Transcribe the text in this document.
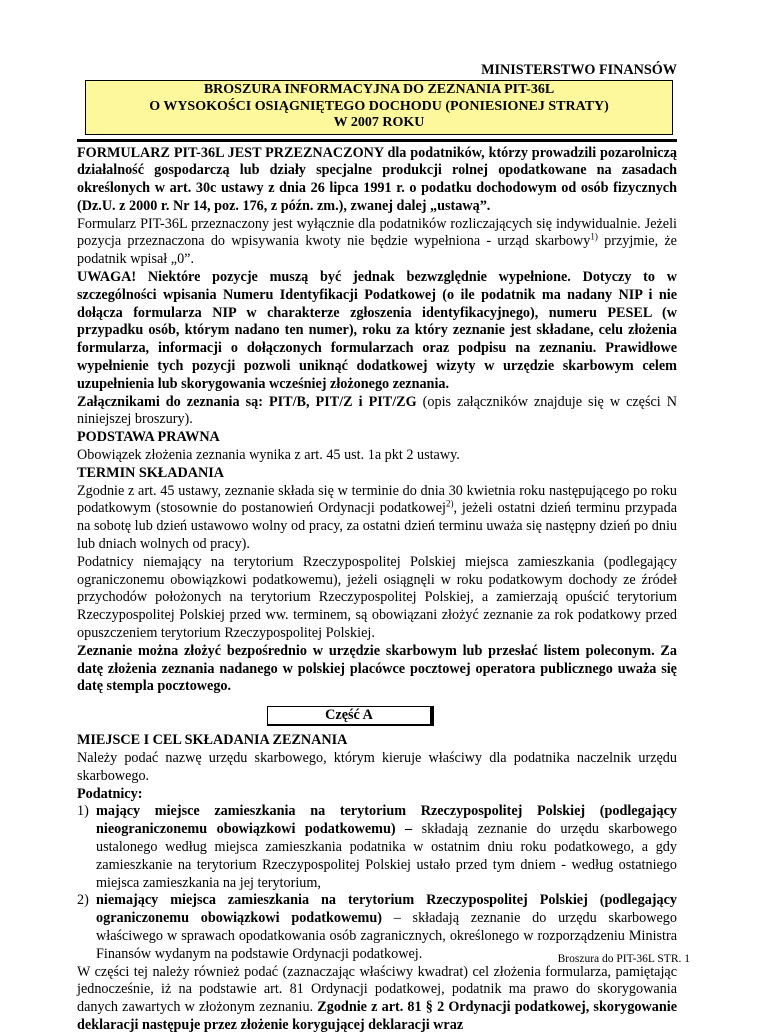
MINISTERSTWO FINANSÓW
BROSZURA INFORMACYJNA DO ZEZNANIA PIT-36L
O WYSOKOŚCI OSIĄGNIĘTEGO DOCHODU (PONIESIONEJ STRATY)
W 2007 ROKU

FORMULARZ PIT-36L JEST PRZEZNACZONY dla podatników, którzy prowadzili pozarolniczą działalność gospodarczą lub działy specjalne produkcji rolnej opodatkowane na zasadach określonych w art. 30c ustawy z dnia 26 lipca 1991 r. o podatku dochodowym od osób fizycznych (Dz.U. z 2000 r. Nr 14, poz. 176, z późn. zm.), zwanej dalej „ustawą”.

Formularz PIT-36L przeznaczony jest wyłącznie dla podatników rozliczających się indywidualnie. Jeżeli pozycja przeznaczona do wpisywania kwoty nie będzie wypełniona - urząd skarbowy$^{1)}$ przyjmie, że podatnik wpisał „0”.

UWAGA! Niektóre pozycje muszą być jednak bezwzględnie wypełnione. Dotyczy to w szczególności wpisania Numeru Identyfikacji Podatkowej (o ile podatnik ma nadany NIP i nie dołącza formularza NIP w charakterze zgłoszenia identyfikacyjnego), numeru PESEL (w przypadku osób, którym nadano ten numer), roku za który zeznanie jest składane, celu złożenia formularza, informacji o dołączonych formularzach oraz podpisu na zeznaniu. Prawidłowe wypełnienie tych pozycji pozwoli uniknąć dodatkowej wizyty w urzędzie skarbowym celem uzupełnienia lub skorygowania wcześniej złożonego zeznania.

Załącznikami do zeznania są: PIT/B, PIT/Z i PIT/ZG (opis załączników znajduje się w części N niniejszej broszury).

PODSTAWA PRAWNA

Obowiązek złożenia zeznania wynika z art. 45 ust. 1a pkt 2 ustawy.

TERMIN SKŁADANIA

Zgodnie z art. 45 ustawy, zeznanie składa się w terminie do dnia 30 kwietnia roku następującego po roku podatkowym (stosownie do postanowień Ordynacji podatkowej$^{2)}$, jeżeli ostatni dzień terminu przypada na sobotę lub dzień ustawowo wolny od pracy, za ostatni dzień terminu uważa się następny dzień po dniu lub dniach wolnych od pracy).

Podatnicy niemający na terytorium Rzeczypospolitej Polskiej miejsca zamieszkania (podlegający ograniczonemu obowiązkowi podatkowemu), jeżeli osiągnęli w roku podatkowym dochody ze źródeł przychodów położonych na terytorium Rzeczypospolitej Polskiej, a zamierzają opuścić terytorium Rzeczypospolitej Polskiej przed ww. terminem, są obowiązani złożyć zeznanie za rok podatkowy przed opuszczeniem terytorium Rzeczypospolitej Polskiej.

Zeznanie można złożyć bezpośrednio w urzędzie skarbowym lub przesłać listem poleconym. Za datę złożenia zeznania nadanego w polskiej placówce pocztowej operatora publicznego uważa się datę stempla pocztowego.

Część A
MIEJSCE I CEL SKŁADANIA ZEZNANIA

Należy podać nazwę urzędu skarbowego, którym kieruje właściwy dla podatnika naczelnik urzędu skarbowego.

Podatnicy:
1) mający miejsce zamieszkania na terytorium Rzeczypospolitej Polskiej (podlegający nieograniczonemu obowiązkowi podatkowemu) – składają zeznanie do urzędu skarbowego ustalonego według miejsca zamieszkania podatnika w ostatnim dniu roku podatkowego, a gdy zamieszkanie na terytorium Rzeczypospolitej Polskiej ustało przed tym dniem - według ostatniego miejsca zamieszkania na jej terytorium,
2) niemający miejsca zamieszkania na terytorium Rzeczypospolitej Polskiej (podlegający ograniczonemu obowiązkowi podatkowemu) – składają zeznanie do urzędu skarbowego właściwego w sprawach opodatkowania osób zagranicznych, określonego w rozporządzeniu Ministra Finansów wydanym na podstawie Ordynacji podatkowej.

W części tej należy również podać (zaznaczając właściwy kwadrat) cel złożenia formularza, pamiętając jednocześnie, iż na podstawie art. 81 Ordynacji podatkowej, podatnik ma prawo do skorygowania danych zawartych w złożonym zeznaniu. Zgodnie z art. 81 § 2 Ordynacji podatkowej, skorygowanie deklaracji następuje przez złożenie korygującej deklaracji wraz

Broszura do PIT-36L STR. 1
